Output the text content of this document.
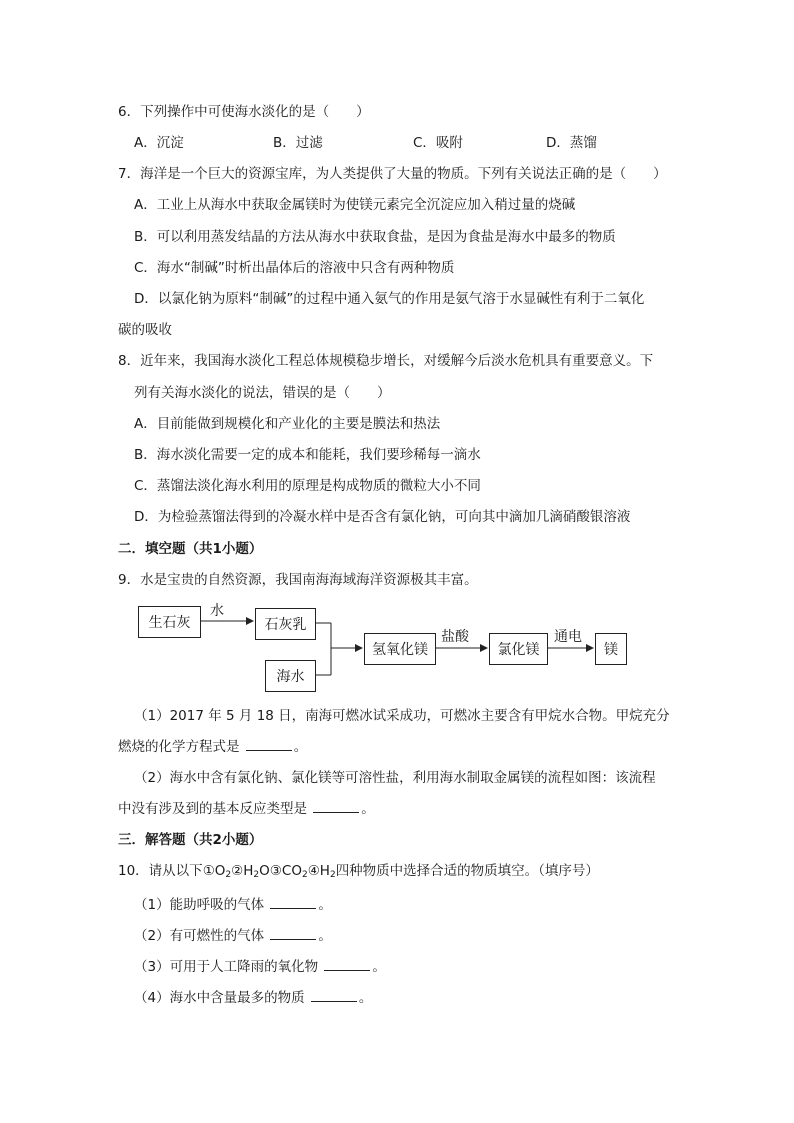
6．下列操作中可使海水淡化的是（　　）
A．沉淀	B．过滤	C．吸附	D．蒸馏
7．海洋是一个巨大的资源宝库，为人类提供了大量的物质。下列有关说法正确的是（　　）
A．工业上从海水中获取金属镁时为使镁元素完全沉淀应加入稍过量的烧碱
B．可以利用蒸发结晶的方法从海水中获取食盐，是因为食盐是海水中最多的物质
C．海水“制碱”时析出晶体后的溶液中只含有两种物质
D．以氯化钠为原料“制碱”的过程中通入氨气的作用是氨气溶于水显碱性有利于二氧化
碳的吸收
8．近年来，我国海水淡化工程总体规模稳步增长，对缓解今后淡水危机具有重要意义。下
列有关海水淡化的说法，错误的是（　　）
A．目前能做到规模化和产业化的主要是膜法和热法
B．海水淡化需要一定的成本和能耗，我们要珍稀每一滴水
C．蒸馏法淡化海水利用的原理是构成物质的微粒大小不同
D．为检验蒸馏法得到的冷凝水样中是否含有氯化钠，可向其中滴加几滴硝酸银溶液
二．填空题（共1小题）
9．水是宝贵的自然资源，我国南海海域海洋资源极其丰富。
生石灰
水
石灰乳
海水
氢氧化镁
盐酸
氯化镁
通电
镁
（1）2017 年 5 月 18 日，南海可燃冰试采成功，可燃冰主要含有甲烷水合物。甲烷充分
燃烧的化学方程式是	。
（2）海水中含有氯化钠、氯化镁等可溶性盐，利用海水制取金属镁的流程如图：该流程
中没有涉及到的基本反应类型是	。
三．解答题（共2小题）
10．请从以下$①O_2②H_2O③CO_2④H_2$四种物质中选择合适的物质填空。（填序号）
（1）能助呼吸的气体	。
（2）有可燃性的气体	。
（3）可用于人工降雨的氧化物	。
（4）海水中含量最多的物质	。
